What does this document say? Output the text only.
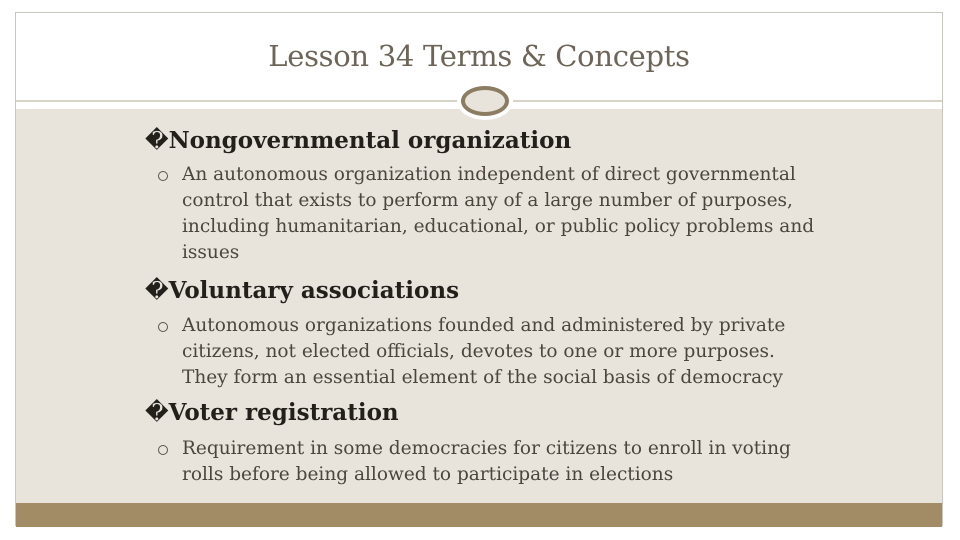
Lesson 34 Terms & Concepts
�Nongovernmental organization
An autonomous organization independent of direct governmental control that exists to perform any of a large number of purposes, including humanitarian, educational, or public policy problems and issues
�Voluntary associations
Autonomous organizations founded and administered by private citizens, not elected officials, devotes to one or more purposes. They form an essential element of the social basis of democracy
�Voter registration
Requirement in some democracies for citizens to enroll in voting rolls before being allowed to participate in elections
